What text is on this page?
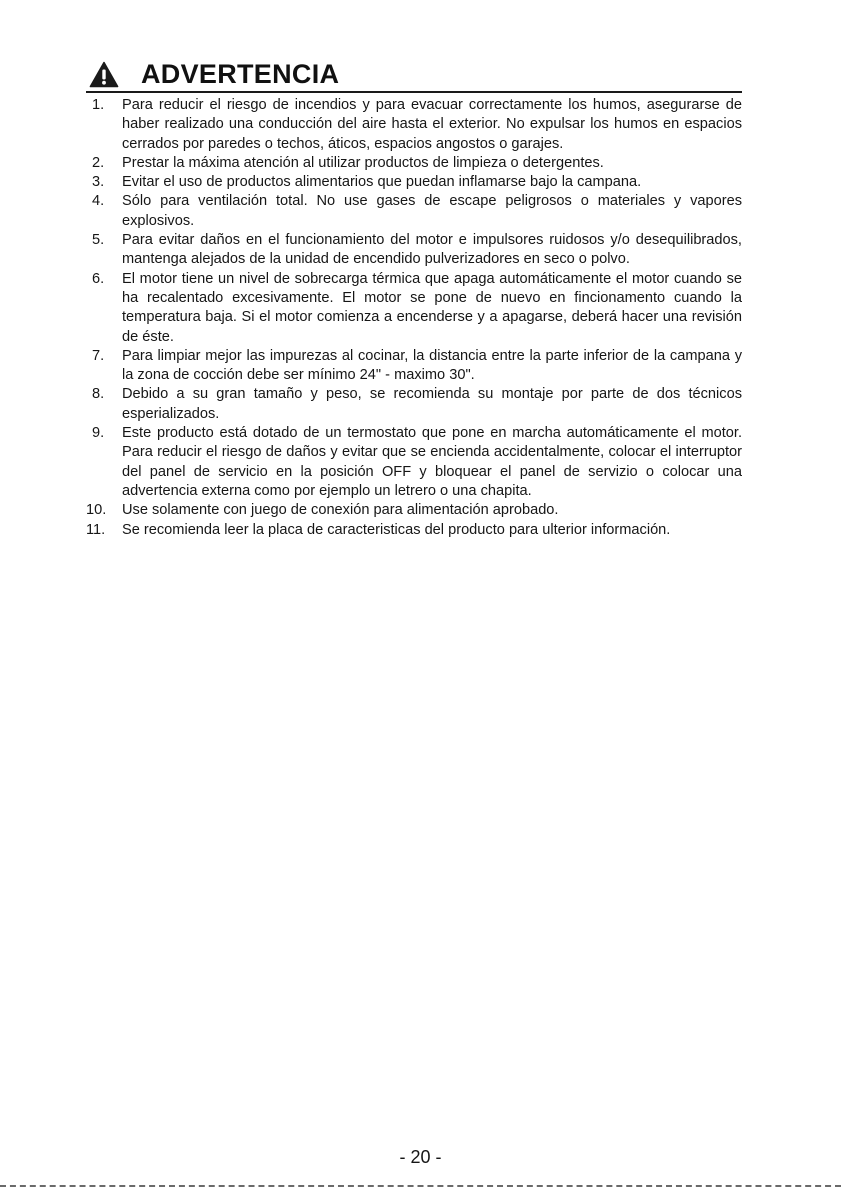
ADVERTENCIA
1.	Para reducir el riesgo de incendios y para evacuar correctamente los humos, asegurarse de haber realizado una conducción del aire hasta el exterior. No expulsar los humos en espacios cerrados por paredes o techos, áticos, espacios angostos o garajes.
2.	Prestar la máxima atención al utilizar productos de limpieza o detergentes.
3.	Evitar el uso de productos alimentarios que puedan inflamarse bajo la campana.
4.	Sólo para ventilación total. No use gases de escape peligrosos o materiales y vapores explosivos.
5.	Para evitar daños en el funcionamiento del motor e impulsores ruidosos y/o desequilibrados, mantenga alejados de la unidad de encendido pulverizadores en seco o polvo.
6.	El motor tiene un nivel de sobrecarga térmica que apaga automáticamente el motor cuando se ha recalentado excesivamente. El motor se pone de nuevo en fincionamento cuando la temperatura baja. Si el motor comienza a encenderse y a apagarse, deberá hacer una revisión de éste.
7.	Para limpiar mejor las impurezas al cocinar, la distancia entre la parte inferior de la campana y la zona de cocción debe ser mínimo 24" - maximo 30".
8.	Debido a su gran tamaño y peso, se recomienda su montaje por parte de dos técnicos esperializados.
9.	Este producto está dotado de un termostato que pone en marcha automáticamente el motor. Para reducir el riesgo de daños y evitar que se encienda accidentalmente, colocar el interruptor del panel de servicio en la posición OFF y bloquear el panel de servizio o colocar una advertencia externa como por ejemplo un letrero o una chapita.
10.	Use solamente con juego de conexión para alimentación aprobado.
11.	Se recomienda leer la placa de caracteristicas del producto para ulterior información.
- 20 -
